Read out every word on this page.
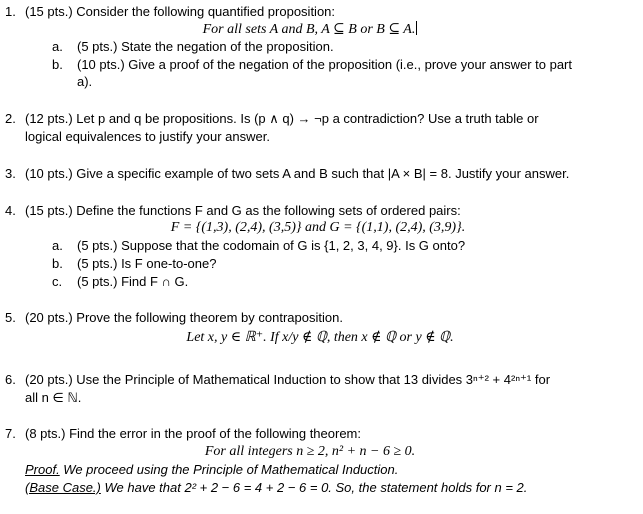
1. (15 pts.) Consider the following quantified proposition:
For all sets A and B, A ⊆ B or B ⊆ A.
a. (5 pts.) State the negation of the proposition.
b. (10 pts.) Give a proof of the negation of the proposition (i.e., prove your answer to part
a).
2. (12 pts.) Let p and q be propositions. Is (p ∧ q) → ¬p a contradiction? Use a truth table or
logical equivalences to justify your answer.
3. (10 pts.) Give a specific example of two sets A and B such that |A × B| = 8. Justify your answer.
4. (15 pts.) Define the functions F and G as the following sets of ordered pairs:
F = {(1,3), (2,4), (3,5)} and G = {(1,1), (2,4), (3,9)}.
a. (5 pts.) Suppose that the codomain of G is {1, 2, 3, 4, 9}. Is G onto?
b. (5 pts.) Is F one-to-one?
c. (5 pts.) Find F ∩ G.
5. (20 pts.) Prove the following theorem by contraposition.
Let x, y ∈ ℝ⁺. If x/y ∉ ℚ, then x ∉ ℚ or y ∉ ℚ.
6. (20 pts.) Use the Principle of Mathematical Induction to show that 13 divides 3ⁿ⁺² + 4²ⁿ⁺¹ for
all n ∈ ℕ.
7. (8 pts.) Find the error in the proof of the following theorem:
For all integers n ≥ 2, n² + n − 6 ≥ 0.
Proof. We proceed using the Principle of Mathematical Induction.
(Base Case.) We have that 2² + 2 − 6 = 4 + 2 − 6 = 0. So, the statement holds for n = 2.
